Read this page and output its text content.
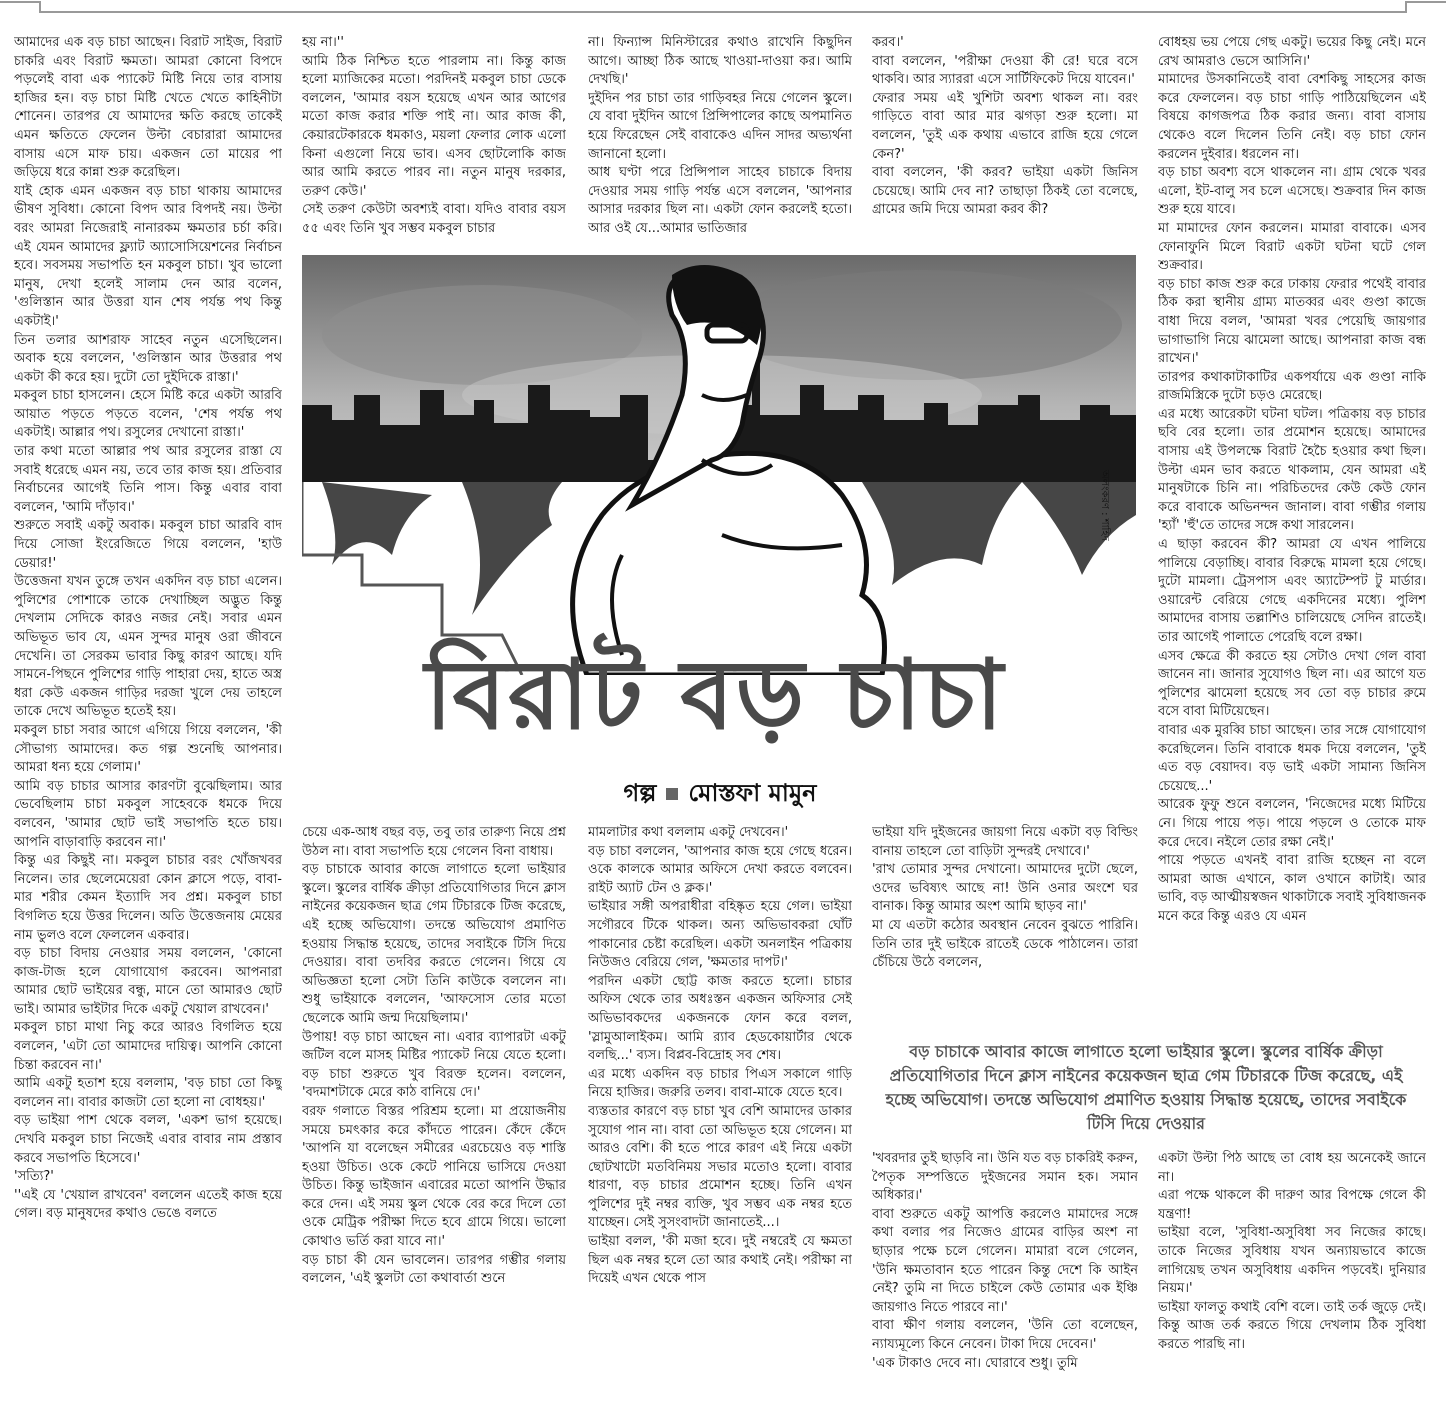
আমাদের এক বড় চাচা আছেন। বিরাট সাইজ, বিরাট চাকরি এবং বিরাট ক্ষমতা। আমরা কোনো বিপদে পড়লেই বাবা এক প্যাকেট মিষ্টি নিয়ে তার বাসায় হাজির হন। বড় চাচা মিষ্টি খেতে খেতে কাহিনীটা শোনেন। তারপর যে আমাদের ক্ষতি করছে তাকেই এমন ক্ষতিতে ফেলেন উল্টা বেচারারা আমাদের বাসায় এসে মাফ চায়। একজন তো মায়ের পা জড়িয়ে ধরে কান্না শুরু করেছিল।

যাই হোক এমন একজন বড় চাচা থাকায় আমাদের ভীষণ সুবিধা। কোনো বিপদ আর বিপদই নয়। উল্টা বরং আমরা নিজেরাই নানারকম ক্ষমতার চর্চা করি। এই যেমন আমাদের ফ্ল্যাট অ্যাসোসিয়েশনের নির্বাচন হবে। সবসময় সভাপতি হন মকবুল চাচা। খুব ভালো মানুষ, দেখা হলেই সালাম দেন আর বলেন, 'গুলিস্তান আর উত্তরা যান শেষ পর্যন্ত পথ কিন্তু একটাই।'

তিন তলার আশরাফ সাহেব নতুন এসেছিলেন। অবাক হয়ে বললেন, 'গুলিস্তান আর উত্তরার পথ একটা কী করে হয়। দুটো তো দুইদিকে রাস্তা।'

মকবুল চাচা হাসলেন। হেসে মিষ্টি করে একটা আরবি আয়াত পড়তে পড়তে বলেন, 'শেষ পর্যন্ত পথ একটাই। আল্লার পথ। রসুলের দেখানো রাস্তা।'

তার কথা মতো আল্লার পথ আর রসুলের রাস্তা যে সবাই ধরেছে এমন নয়, তবে তার কাজ হয়। প্রতিবার নির্বাচনের আগেই তিনি পাস। কিন্তু এবার বাবা বললেন, 'আমি দাঁড়াব।'

শুরুতে সবাই একটু অবাক। মকবুল চাচা আরবি বাদ দিয়ে সোজা ইংরেজিতে গিয়ে বললেন, 'হাউ ডেয়ার!'

উত্তেজনা যখন তুঙ্গে তখন একদিন বড় চাচা এলেন। পুলিশের পোশাকে তাকে দেখাচ্ছিল অদ্ভুত কিন্তু দেখলাম সেদিকে কারও নজর নেই। সবার এমন অভিভূত ভাব যে, এমন সুন্দর মানুষ ওরা জীবনে দেখেনি। তা সেরকম ভাবার কিছু কারণ আছে। যদি সামনে-পিছনে পুলিশের গাড়ি পাহারা দেয়, হাতে অস্ত্র ধরা কেউ একজন গাড়ির দরজা খুলে দেয় তাহলে তাকে দেখে অভিভূত হতেই হয়।

মকবুল চাচা সবার আগে এগিয়ে গিয়ে বললেন, 'কী সৌভাগ্য আমাদের। কত গল্প শুনেছি আপনার। আমরা ধন্য হয়ে গেলাম।'

আমি বড় চাচার আসার কারণটা বুঝেছিলাম। আর ভেবেছিলাম চাচা মকবুল সাহেবকে ধমকে দিয়ে বলবেন, 'আমার ছোট ভাই সভাপতি হতে চায়। আপনি বাড়াবাড়ি করবেন না।'

কিন্তু এর কিছুই না। মকবুল চাচার বরং খোঁজখবর নিলেন। তার ছেলেমেয়েরা কোন ক্লাসে পড়ে, বাবা-মার শরীর কেমন ইত্যাদি সব প্রশ্ন। মকবুল চাচা বিগলিত হয়ে উত্তর দিলেন। অতি উত্তেজনায় মেয়ের নাম ভুলও বলে ফেললেন একবার।

বড় চাচা বিদায় নেওয়ার সময় বললেন, 'কোনো কাজ-টাজ হলে যোগাযোগ করবেন। আপনারা আমার ছোট ভাইয়ের বন্ধু, মানে তো আমারও ছোট ভাই। আমার ভাইটার দিকে একটু খেয়াল রাখবেন।'

মকবুল চাচা মাথা নিচু করে আরও বিগলিত হয়ে বললেন, 'এটা তো আমাদের দায়িত্ব। আপনি কোনো চিন্তা করবেন না।'

আমি একটু হতাশ হয়ে বললাম, 'বড় চাচা তো কিছু বললেন না। বাবার কাজটা তো হলো না বোধহয়।'

বড় ভাইয়া পাশ থেকে বলল, 'একশ ভাগ হয়েছে। দেখবি মকবুল চাচা নিজেই এবার বাবার নাম প্রস্তাব করবে সভাপতি হিসেবে।'

'সত্যি?'

''এই যে 'খেয়াল রাখবেন' বললেন এতেই কাজ হয়ে গেল। বড় মানুষদের কথাও ভেঙে বলতে

হয় না।''

আমি ঠিক নিশ্চিত হতে পারলাম না। কিন্তু কাজ হলো ম্যাজিকের মতো। পরদিনই মকবুল চাচা ডেকে বললেন, 'আমার বয়স হয়েছে এখন আর আগের মতো কাজ করার শক্তি পাই না। আর কাজ কী, কেয়ারটেকারকে ধমকাও, ময়লা ফেলার লোক এলো কিনা এগুলো নিয়ে ভাব। এসব ছোটলোকি কাজ আর আমি করতে পারব না। নতুন মানুষ দরকার, তরুণ কেউ।'

সেই তরুণ কেউটা অবশ্যই বাবা। যদিও বাবার বয়স ৫৫ এবং তিনি খুব সম্ভব মকবুল চাচার

না। ফিন্যান্স মিনিস্টারের কথাও রাখেনি কিছুদিন আগে। আচ্ছা ঠিক আছে খাওয়া-দাওয়া কর। আমি দেখছি।'

দুইদিন পর চাচা তার গাড়িবহর নিয়ে গেলেন স্কুলে। যে বাবা দুইদিন আগে প্রিন্সিপালের কাছে অপমানিত হয়ে ফিরেছেন সেই বাবাকেও এদিন সাদর অভ্যর্থনা জানানো হলো।

আধ ঘণ্টা পরে প্রিন্সিপাল সাহেব চাচাকে বিদায় দেওয়ার সময় গাড়ি পর্যন্ত এসে বললেন, 'আপনার আসার দরকার ছিল না। একটা ফোন করলেই হতো। আর ওই যে...আমার ভাতিজার

করব।'

বাবা বললেন, 'পরীক্ষা দেওয়া কী রে! ঘরে বসে থাকবি। আর স্যাররা এসে সার্টিফিকেট দিয়ে যাবেন।'

ফেরার সময় এই খুশিটা অবশ্য থাকল না। বরং গাড়িতে বাবা আর মার ঝগড়া শুরু হলো। মা বললেন, 'তুই এক কথায় এভাবে রাজি হয়ে গেলে কেন?'

বাবা বললেন, 'কী করব? ভাইয়া একটা জিনিস চেয়েছে। আমি দেব না? তাছাড়া ঠিকই তো বলেছে, গ্রামের জমি দিয়ে আমরা করব কী?

বোধহয় ভয় পেয়ে গেছ একটু। ভয়ের কিছু নেই। মনে রেখ আমরাও ভেসে আসিনি।'

মামাদের উসকানিতেই বাবা বেশকিছু সাহসের কাজ করে ফেললেন। বড় চাচা গাড়ি পাঠিয়েছিলেন এই বিষয়ে কাগজপত্র ঠিক করার জন্য। বাবা বাসায় থেকেও বলে দিলেন তিনি নেই। বড় চাচা ফোন করলেন দুইবার। ধরলেন না।

বড় চাচা অবশ্য বসে থাকলেন না। গ্রাম থেকে খবর এলো, ইট-বালু সব চলে এসেছে। শুক্রবার দিন কাজ শুরু হয়ে যাবে।

মা মামাদের ফোন করলেন। মামারা বাবাকে। এসব ফোনাফুনি মিলে বিরাট একটা ঘটনা ঘটে গেল শুক্রবার।

বড় চাচা কাজ শুরু করে ঢাকায় ফেরার পথেই বাবার ঠিক করা স্থানীয় গ্রাম্য মাতব্বর এবং গুণ্ডা কাজে বাধা দিয়ে বলল, 'আমরা খবর পেয়েছি জায়গার ভাগাভাগি নিয়ে ঝামেলা আছে। আপনারা কাজ বন্ধ রাখেন।'

তারপর কথাকাটাকাটির একপর্যায়ে এক গুণ্ডা নাকি রাজমিস্ত্রিকে দুটো চড়ও মেরেছে।

এর মধ্যে আরেকটা ঘটনা ঘটল। পত্রিকায় বড় চাচার ছবি বের হলো। তার প্রমোশন হয়েছে। আমাদের বাসায় এই উপলক্ষে বিরাট হৈচৈ হওয়ার কথা ছিল। উল্টা এমন ভাব করতে থাকলাম, যেন আমরা এই মানুষটাকে চিনি না। পরিচিতদের কেউ কেউ ফোন করে বাবাকে অভিনন্দন জানাল। বাবা গম্ভীর গলায় 'হ্যাঁ' 'হুঁ'তে তাদের সঙ্গে কথা সারলেন।

এ ছাড়া করবেন কী? আমরা যে এখন পালিয়ে পালিয়ে বেড়াচ্ছি। বাবার বিরুদ্ধে মামলা হয়ে গেছে। দুটো মামলা। ট্রেসপাস এবং অ্যাটেম্পট টু মার্ডার। ওয়ারেন্ট বেরিয়ে গেছে একদিনের মধ্যে। পুলিশ আমাদের বাসায় তল্লাশিও চালিয়েছে সেদিন রাতেই। তার আগেই পালাতে পেরেছি বলে রক্ষা।

এসব ক্ষেত্রে কী করতে হয় সেটাও দেখা গেল বাবা জানেন না। জানার সুযোগও ছিল না। এর আগে যত পুলিশের ঝামেলা হয়েছে সব তো বড় চাচার রুমে বসে বাবা মিটিয়েছেন।

বাবার এক মুরব্বি চাচা আছেন। তার সঙ্গে যোগাযোগ করেছিলেন। তিনি বাবাকে ধমক দিয়ে বললেন, 'তুই এত বড় বেয়াদব। বড় ভাই একটা সামান্য জিনিস চেয়েছে...'

আরেক ফুফু শুনে বললেন, 'নিজেদের মধ্যে মিটিয়ে নে। গিয়ে পায়ে পড়। পায়ে পড়লে ও তোকে মাফ করে দেবে। নইলে তোর রক্ষা নেই।'

পায়ে পড়তে এখনই বাবা রাজি হচ্ছেন না বলে আমরা আজ এখানে, কাল ওখানে কাটাই। আর ভাবি, বড় আত্মীয়স্বজন থাকাটাকে সবাই সুবিধাজনক মনে করে কিন্তু এরও যে এমন

অলংকরণ : শাহিদ
বিরাট বড় চাচা
গল্প মোস্তফা মামুন

চেয়ে এক-আধ বছর বড়, তবু তার তারুণ্য নিয়ে প্রশ্ন উঠল না। বাবা সভাপতি হয়ে গেলেন বিনা বাধায়।

বড় চাচাকে আবার কাজে লাগাতে হলো ভাইয়ার স্কুলে। স্কুলের বার্ষিক ক্রীড়া প্রতিযোগিতার দিনে ক্লাস নাইনের কয়েকজন ছাত্র গেম টিচারকে টিজ করেছে, এই হচ্ছে অভিযোগ। তদন্তে অভিযোগ প্রমাণিত হওয়ায় সিদ্ধান্ত হয়েছে, তাদের সবাইকে টিসি দিয়ে দেওয়ার। বাবা তদবির করতে গেলেন। গিয়ে যে অভিজ্ঞতা হলো সেটা তিনি কাউকে বললেন না। শুধু ভাইয়াকে বললেন, 'আফসোস তোর মতো ছেলেকে আমি জন্ম দিয়েছিলাম।'

উপায়! বড় চাচা আছেন না। এবার ব্যাপারটা একটু জটিল বলে মাসহ মিষ্টির প্যাকেট নিয়ে যেতে হলো। বড় চাচা শুরুতে খুব বিরক্ত হলেন। বললেন, 'বদমাশটাকে মেরে কাঠ বানিয়ে দে।'

বরফ গলাতে বিস্তর পরিশ্রম হলো। মা প্রয়োজনীয় সময়ে চমৎকার করে কাঁদতে পারেন। কেঁদে কেঁদে 'আপনি যা বলেছেন সমীরের এরচেয়েও বড় শাস্তি হওয়া উচিত। ওকে কেটে পানিয়ে ভাসিয়ে দেওয়া উচিত। কিন্তু ভাইজান এবারের মতো আপনি উদ্ধার করে দেন। এই সময় স্কুল থেকে বের করে দিলে তো ওকে মেট্রিক পরীক্ষা দিতে হবে গ্রামে গিয়ে। ভালো কোথাও ভর্তি করা যাবে না।'

বড় চাচা কী যেন ভাবলেন। তারপর গম্ভীর গলায় বললেন, 'এই স্কুলটা তো কথাবার্তা শুনে

মামলাটার কথা বললাম একটু দেখবেন।'

বড় চাচা বললেন, 'আপনার কাজ হয়ে গেছে ধরেন। ওকে কালকে আমার অফিসে দেখা করতে বলবেন। রাইট অ্যাট টেন ও ক্লক।'

ভাইয়ার সঙ্গী অপরাধীরা বহিষ্কৃত হয়ে গেল। ভাইয়া সগৌরবে টিকে থাকল। অন্য অভিভাবকরা ঘোঁট পাকানোর চেষ্টা করেছিল। একটা অনলাইন পত্রিকায় নিউজও বেরিয়ে গেল, 'ক্ষমতার দাপট।'

পরদিন একটা ছোট্ট কাজ করতে হলো। চাচার অফিস থেকে তার অধঃস্তন একজন অফিসার সেই অভিভাবকদের একজনকে ফোন করে বলল, 'স্লামুআলাইকম। আমি র‍্যাব হেডকোয়ার্টার থেকে বলছি...' ব্যস। বিপ্লব-বিদ্রোহ সব শেষ।

এর মধ্যে একদিন বড় চাচার পিএস সকালে গাড়ি নিয়ে হাজির। জরুরি তলব। বাবা-মাকে যেতে হবে।

ব্যস্ততার কারণে বড় চাচা খুব বেশি আমাদের ডাকার সুযোগ পান না। বাবা তো অভিভূত হয়ে গেলেন। মা আরও বেশি। কী হতে পারে কারণ এই নিয়ে একটা ছোটখাটো মতবিনিময় সভার মতোও হলো। বাবার ধারণা, বড় চাচার প্রমোশন হচ্ছে। তিনি এখন পুলিশের দুই নম্বর ব্যক্তি, খুব সম্ভব এক নম্বর হতে যাচ্ছেন। সেই সুসংবাদটা জানাতেই...।

ভাইয়া বলল, 'কী মজা হবে। দুই নম্বরেই যে ক্ষমতা ছিল এক নম্বর হলে তো আর কথাই নেই। পরীক্ষা না দিয়েই এখন থেকে পাস

ভাইয়া যদি দুইজনের জায়গা নিয়ে একটা বড় বিল্ডিং বানায় তাহলে তো বাড়িটা সুন্দরই দেখাবে।'

'রাখ তোমার সুন্দর দেখানো। আমাদের দুটো ছেলে, ওদের ভবিষ্যৎ আছে না! উনি ওনার অংশে ঘর বানাক। কিন্তু আমার অংশ আমি ছাড়ব না।'

মা যে এতটা কঠোর অবস্থান নেবেন বুঝতে পারিনি। তিনি তার দুই ভাইকে রাতেই ডেকে পাঠালেন। তারা চেঁচিয়ে উঠে বললেন,

বড় চাচাকে আবার কাজে লাগাতে হলো ভাইয়ার স্কুলে। স্কুলের বার্ষিক ক্রীড়া প্রতিযোগিতার দিনে ক্লাস নাইনের কয়েকজন ছাত্র গেম টিচারকে টিজ করেছে, এই হচ্ছে অভিযোগ। তদন্তে অভিযোগ প্রমাণিত হওয়ায় সিদ্ধান্ত হয়েছে, তাদের সবাইকে টিসি দিয়ে দেওয়ার

'খবরদার তুই ছাড়বি না। উনি যত বড় চাকরিই করুন, পৈতৃক সম্পত্তিতে দুইজনের সমান হক। সমান অধিকার।'

বাবা শুরুতে একটু আপত্তি করলেও মামাদের সঙ্গে কথা বলার পর নিজেও গ্রামের বাড়ির অংশ না ছাড়ার পক্ষে চলে গেলেন। মামারা বলে গেলেন, 'উনি ক্ষমতাবান হতে পারেন কিন্তু দেশে কি আইন নেই? তুমি না দিতে চাইলে কেউ তোমার এক ইঞ্চি জায়গাও নিতে পারবে না।'

বাবা ক্ষীণ গলায় বললেন, 'উনি তো বলেছেন, ন্যায্যমূল্যে কিনে নেবেন। টাকা দিয়ে দেবেন।'

'এক টাকাও দেবে না। ঘোরাবে শুধু। তুমি

একটা উল্টা পিঠ আছে তা বোধ হয় অনেকেই জানে না।

এরা পক্ষে থাকলে কী দারুণ আর বিপক্ষে গেলে কী যন্ত্রণা!

ভাইয়া বলে, 'সুবিধা-অসুবিধা সব নিজের কাছে। তাকে নিজের সুবিধায় যখন অন্যায়ভাবে কাজে লাগিয়েছ তখন অসুবিধায় একদিন পড়বেই। দুনিয়ার নিয়ম।'

ভাইয়া ফালতু কথাই বেশি বলে। তাই তর্ক জুড়ে দেই। কিন্তু আজ তর্ক করতে গিয়ে দেখলাম ঠিক সুবিধা করতে পারছি না।
